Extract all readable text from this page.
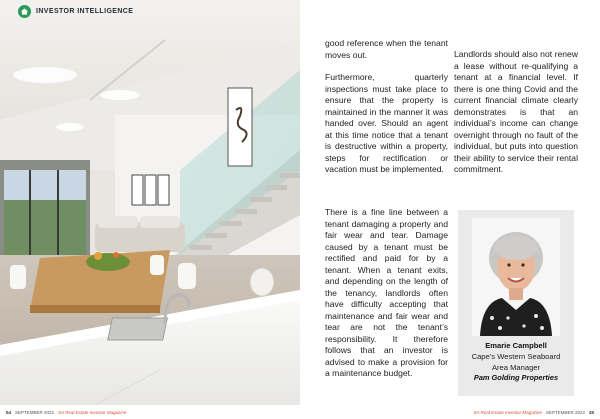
INVESTOR INTELLIGENCE
54 SEPTEMBER 2022 SA Real Estate Investor Magazine

good reference when the tenant moves out.

Furthermore, quarterly inspections must take place to ensure that the property is maintained in the manner it was handed over. Should an agent at this time notice that a tenant is destructive within a property, steps for rectification or vacation must be implemented.

There is a fine line between a tenant damaging a property and fair wear and tear. Damage caused by a tenant must be rectified and paid for by a tenant. When a tenant exits, and depending on the length of the tenancy, landlords often have difficulty accepting that maintenance and fair wear and tear are not the tenant’s responsibility. It therefore follows that an investor is advised to make a provision for a maintenance budget.

Landlords should also not renew a lease without re-qualifying a tenant at a financial level. If there is one thing Covid and the current financial climate clearly demonstrates is that an individual’s income can change overnight through no fault of the individual, but puts into question their ability to service their rental commitment.

Emarie Campbell
Cape’s Western Seaboard
Area Manager
Pam Golding Properties
SA Real Estate Investor Magazine SEPTEMBER 2022 45
